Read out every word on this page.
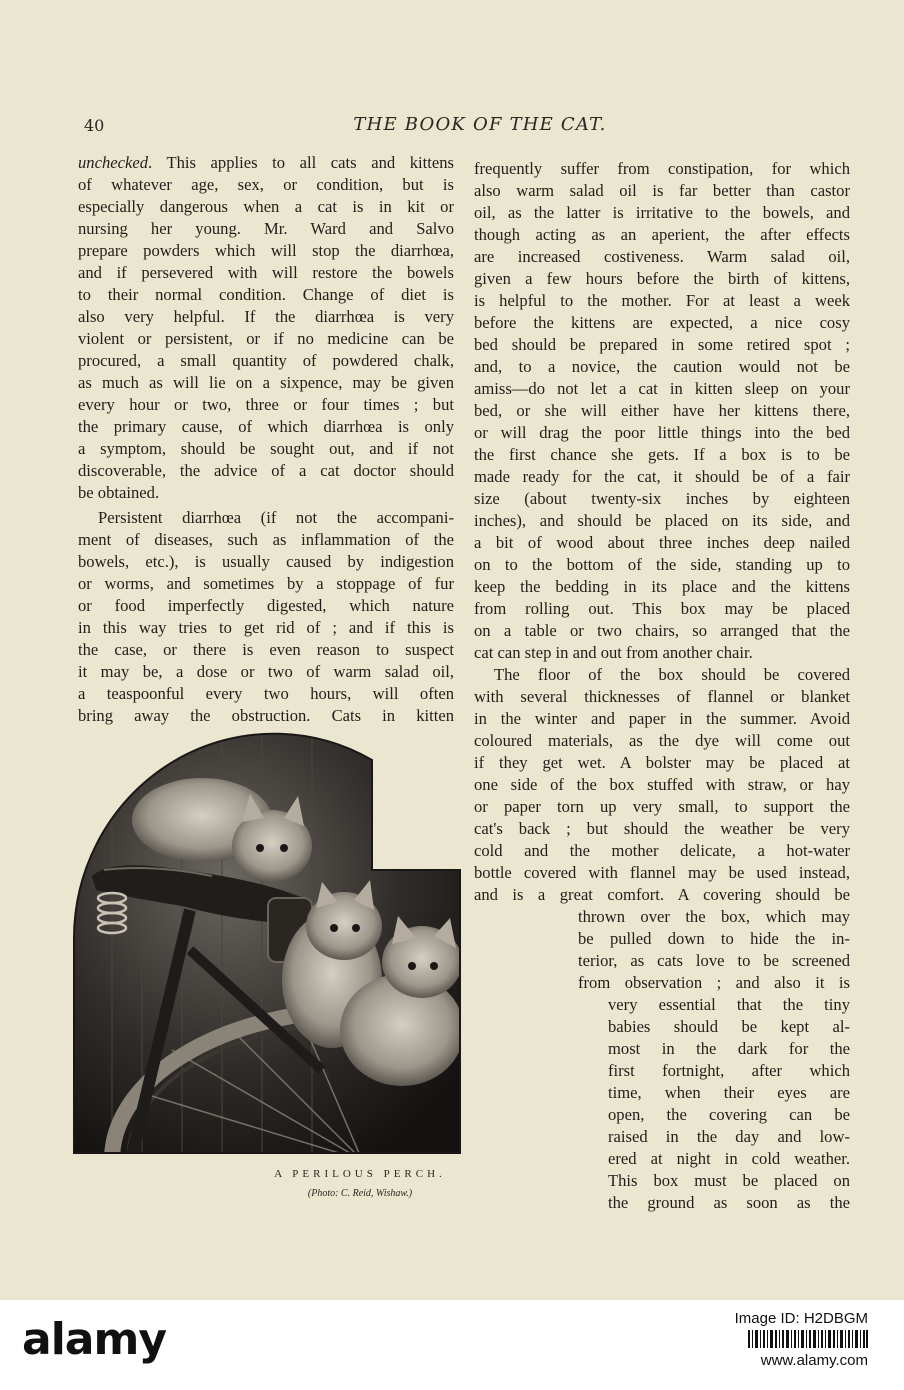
40	THE BOOK OF THE CAT.
unchecked. This applies to all cats and kittens
of whatever age, sex, or condition, but is
especially dangerous when a cat is in kit or
nursing her young. Mr. Ward and Salvo
prepare powders which will stop the diarrhœa,
and if persevered with will restore the bowels
to their normal condition. Change of diet is
also very helpful. If the diarrhœa is very
violent or persistent, or if no medicine can be
procured, a small quantity of powdered chalk,
as much as will lie on a sixpence, may be given
every hour or two, three or four times ; but
the primary cause, of which diarrhœa is only
a symptom, should be sought out, and if not
discoverable, the advice of a cat doctor should
be obtained.
Persistent diarrhœa (if not the accompani-
ment of diseases, such as inflammation of the
bowels, etc.), is usually caused by indigestion
or worms, and sometimes by a stoppage of fur
or food imperfectly digested, which nature
in this way tries to get rid of ; and if this is
the case, or there is even reason to suspect
it may be, a dose or two of warm salad oil,
a teaspoonful every two hours, will often
bring away the obstruction. Cats in kitten
frequently suffer from constipation, for which
also warm salad oil is far better than castor
oil, as the latter is irritative to the bowels, and
though acting as an aperient, the after effects
are increased costiveness. Warm salad oil,
given a few hours before the birth of kittens,
is helpful to the mother. For at least a week
before the kittens are expected, a nice cosy
bed should be prepared in some retired spot ;
and, to a novice, the caution would not be
amiss—do not let a cat in kitten sleep on your
bed, or she will either have her kittens there,
or will drag the poor little things into the bed
the first chance she gets. If a box is to be
made ready for the cat, it should be of a fair
size (about twenty-six inches by eighteen
inches), and should be placed on its side, and
a bit of wood about three inches deep nailed
on to the bottom of the side, standing up to
keep the bedding in its place and the kittens
from rolling out. This box may be placed
on a table or two chairs, so arranged that the
cat can step in and out from another chair.
The floor of the box should be covered
with several thicknesses of flannel or blanket
in the winter and paper in the summer. Avoid
coloured materials, as the dye will come out
if they get wet. A bolster may be placed at
one side of the box stuffed with straw, or hay
or paper torn up very small, to support the
cat's back ; but should the weather be very
cold and the mother delicate, a hot-water
bottle covered with flannel may be used instead,
and is a great comfort. A covering should be
thrown over the box, which may
be pulled down to hide the in-
terior, as cats love to be screened
from observation ; and also it is
very essential that the tiny
babies should be kept al-
most in the dark for the
first fortnight, after which
time, when their eyes are
open, the covering can be
raised in the day and low-
ered at night in cold weather.
This box must be placed on
the ground as soon as the
A PERILOUS PERCH.
(Photo: C. Reid, Wishaw.)
alamy	Image ID: H2DBGM
www.alamy.com
